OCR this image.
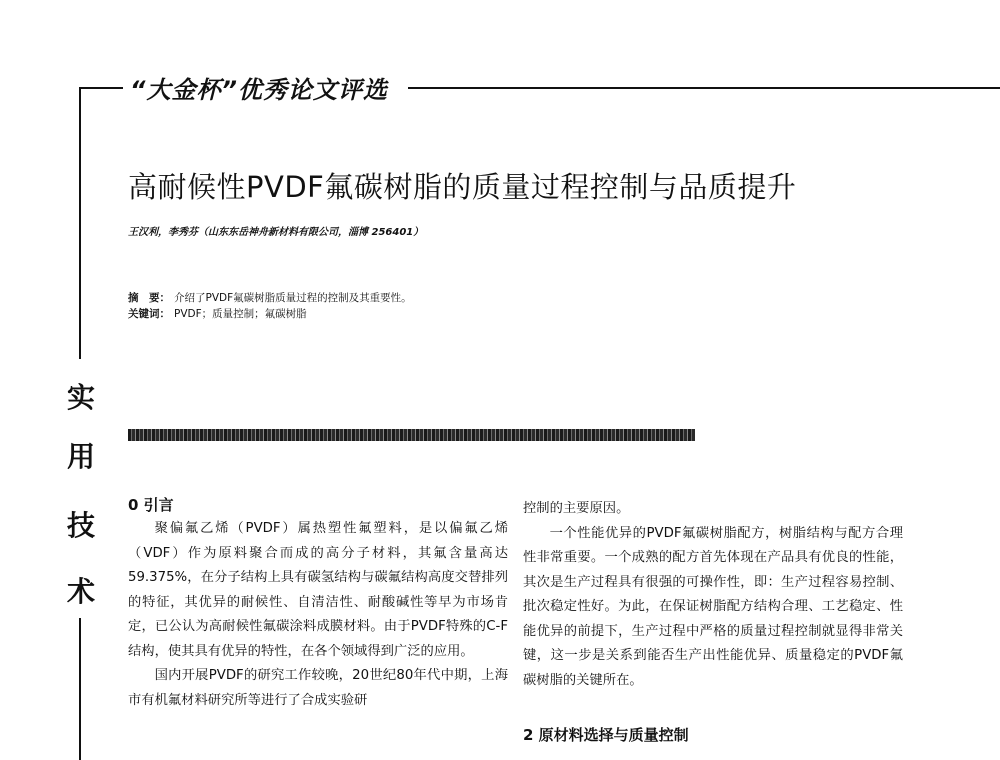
“大金杯”优秀论文评选
实
用
技
术
高耐候性PVDF氟碳树脂的质量过程控制与品质提升
王汉利，李秀芬（山东东岳神舟新材料有限公司，淄博 256401）
摘　要： 介绍了PVDF氟碳树脂质量过程的控制及其重要性。
关键词： PVDF；质量控制；氟碳树脂

0 引言

聚偏氟乙烯（PVDF）属热塑性氟塑料，是以偏氟乙烯（VDF）作为原料聚合而成的高分子材料，其氟含量高达59.375%，在分子结构上具有碳氢结构与碳氟结构高度交替排列的特征，其优异的耐候性、自清洁性、耐酸碱性等早为市场肯定，已公认为高耐候性氟碳涂料成膜材料。由于PVDF特殊的C-F结构，使其具有优异的特性，在各个领域得到广泛的应用。

国内开展PVDF的研究工作较晚，20世纪80年代中期，上海市有机氟材料研究所等进行了合成实验研

控制的主要原因。

一个性能优异的PVDF氟碳树脂配方，树脂结构与配方合理性非常重要。一个成熟的配方首先体现在产品具有优良的性能，其次是生产过程具有很强的可操作性，即：生产过程容易控制、批次稳定性好。为此，在保证树脂配方结构合理、工艺稳定、性能优异的前提下，生产过程中严格的质量过程控制就显得非常关键，这一步是关系到能否生产出性能优异、质量稳定的PVDF氟碳树脂的关键所在。

2 原材料选择与质量控制
